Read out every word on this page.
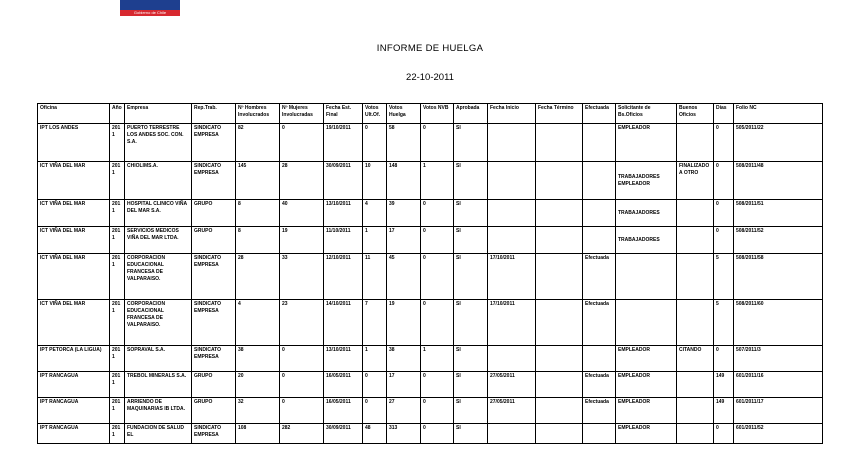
Gobierno de Chile
INFORME DE HUELGA
22-10-2011
Oficina	Año	Empresa	Rep.Trab.	Nº Hombres Involucrados	Nº Mujeres Involucradas	Fecha Est. Final	Votos Ult.Of.	Votos Huelga	Votos NVB	Aprobada	Fecha Inicio	Fecha Término	Efectuada	Solicitante de Bs.Oficios	Buenos Oficios	Días	Folio NC
IPT LOS ANDES	2011	PUERTO TERRESTRE LOS ANDES SOC. CON. S.A.	SINDICATO EMPRESA	82	0	19/10/2011	0	58	0	SI				EMPLEADOR		0	505/2011/22
ICT VIÑA DEL MAR	2011	CHIOLIMS.A.	SINDICATO EMPRESA	145	28	30/09/2011	10	148	1	SI				TRABAJADORES EMPLEADOR	FINALIZADO A OTRO	0	508/2011/48
ICT VIÑA DEL MAR	2011	HOSPITAL CLINICO VIÑA DEL MAR S.A.	GRUPO	8	40	13/10/2011	4	39	0	SI				TRABAJADORES		0	508/2011/51
ICT VIÑA DEL MAR	2011	SERVICIOS MEDICOS VIÑA DEL MAR LTDA.	GRUPO	8	19	11/10/2011	1	17	0	SI				TRABAJADORES		0	508/2011/52
ICT VIÑA DEL MAR	2011	CORPORACION EDUCACIONAL FRANCESA DE VALPARAISO.	SINDICATO EMPRESA	28	33	12/10/2011	11	45	0	SI	17/10/2011		Efectuada			5	508/2011/58
ICT VIÑA DEL MAR	2011	CORPORACION EDUCACIONAL FRANCESA DE VALPARAISO.	SINDICATO EMPRESA	4	23	14/10/2011	7	19	0	SI	17/10/2011		Efectuada			5	508/2011/60
IPT PETORCA (LA LIGUA)	2011	SOPRAVAL S.A.	SINDICATO EMPRESA	38	0	13/10/2011	1	38	1	SI				EMPLEADOR	CITANDO	0	507/2011/3
IPT RANCAGUA	2011	TREBOL MINERALS S.A.	GRUPO	20	0	16/05/2011	0	17	0	SI	27/05/2011		Efectuada	EMPLEADOR		149	601/2011/16
IPT RANCAGUA	2011	ARRIENDO DE MAQUINARIAS IB LTDA.	GRUPO	32	0	16/05/2011	0	27	0	SI	27/05/2011		Efectuada	EMPLEADOR		149	601/2011/17
IPT RANCAGUA	2011	FUNDACION DE SALUD EL	SINDICATO EMPRESA	108	282	30/09/2011	48	313	0	SI				EMPLEADOR		0	601/2011/52
